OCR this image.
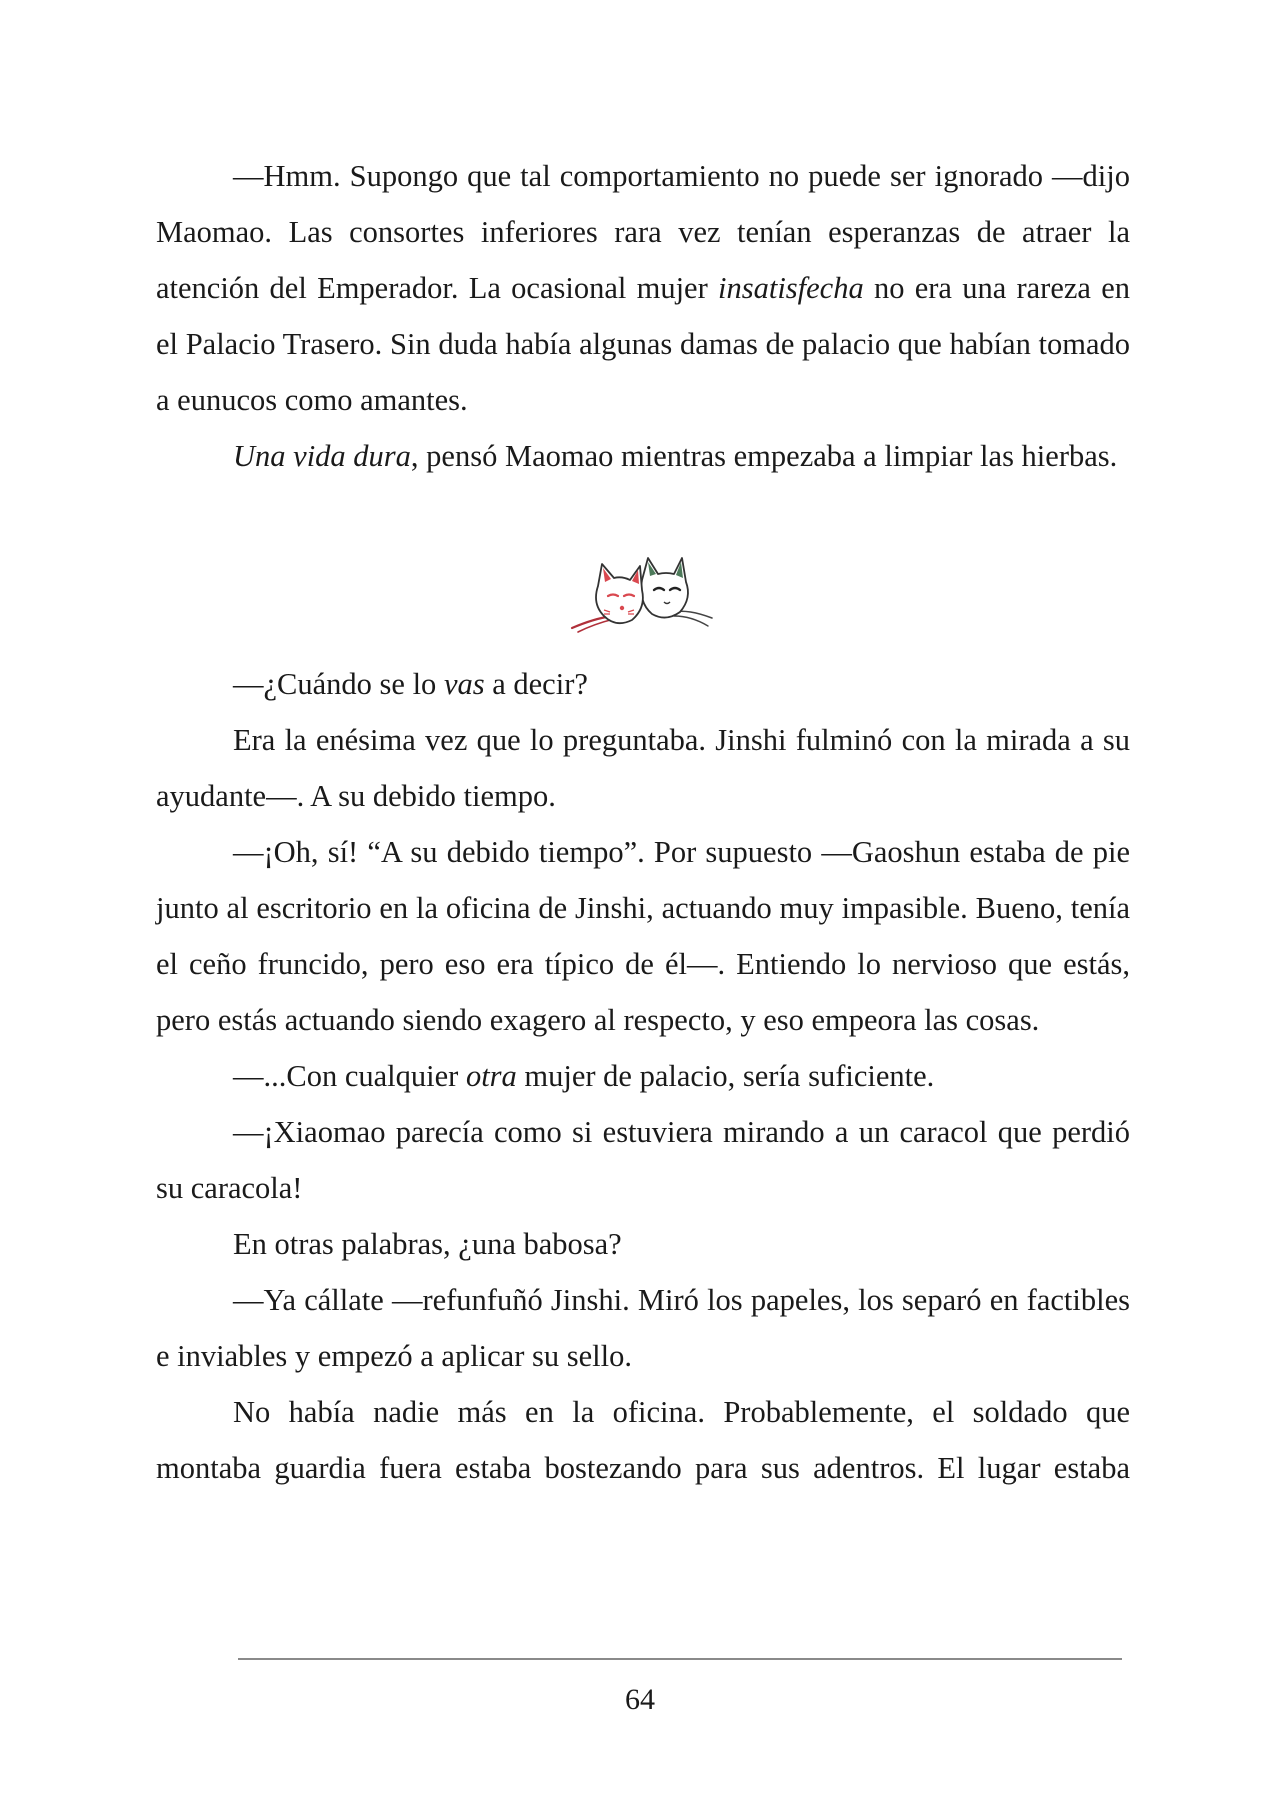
—Hmm. Supongo que tal comportamiento no puede ser ignorado —dijo Maomao. Las consortes inferiores rara vez tenían esperanzas de atraer la atención del Emperador. La ocasional mujer insatisfecha no era una rareza en el Palacio Trasero. Sin duda había algunas damas de palacio que habían tomado a eunucos como amantes.

Una vida dura, pensó Maomao mientras empezaba a limpiar las hierbas.

—¿Cuándo se lo vas a decir?

Era la enésima vez que lo preguntaba. Jinshi fulminó con la mirada a su ayudante—. A su debido tiempo.

—¡Oh, sí! “A su debido tiempo”. Por supuesto —Gaoshun estaba de pie junto al escritorio en la oficina de Jinshi, actuando muy impasible. Bueno, tenía el ceño fruncido, pero eso era típico de él—. Entiendo lo nervioso que estás, pero estás actuando siendo exagero al respecto, y eso empeora las cosas.

—...Con cualquier otra mujer de palacio, sería suficiente.

—¡Xiaomao parecía como si estuviera mirando a un caracol que perdió su caracola!

En otras palabras, ¿una babosa?

—Ya cállate —refunfuñó Jinshi. Miró los papeles, los separó en factibles e inviables y empezó a aplicar su sello.

No había nadie más en la oficina. Probablemente, el soldado que montaba guardia fuera estaba bostezando para sus adentros. El lugar estaba

64
